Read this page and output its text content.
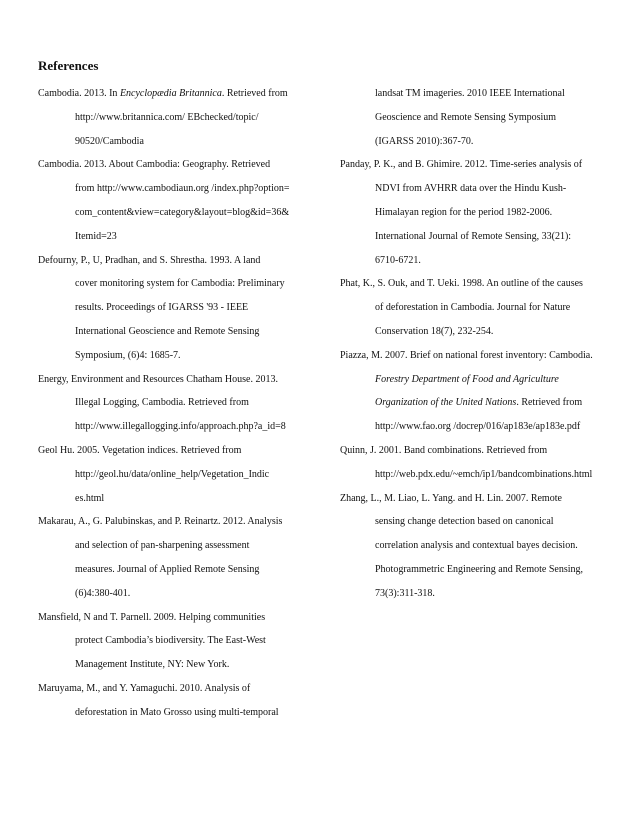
References
Cambodia. 2013. In Encyclopædia Britannica. Retrieved from
http://www.britannica.com/ EBchecked/topic/
90520/Cambodia
Cambodia. 2013. About Cambodia: Geography. Retrieved
from http://www.cambodiaun.org /index.php?option=
com_content&view=category&layout=blog&id=36&
Itemid=23
Defourny, P., U, Pradhan, and S. Shrestha. 1993. A land
cover monitoring system for Cambodia: Preliminary
results. Proceedings of IGARSS '93 - IEEE
International Geoscience and Remote Sensing
Symposium, (6)4: 1685-7.
Energy, Environment and Resources Chatham House. 2013.
Illegal Logging, Cambodia. Retrieved from
http://www.illegallogging.info/approach.php?a_id=8
Geol Hu. 2005. Vegetation indices. Retrieved from
http://geol.hu/data/online_help/Vegetation_Indic
es.html
Makarau, A., G. Palubinskas, and P. Reinartz. 2012. Analysis
and selection of pan-sharpening assessment
measures. Journal of Applied Remote Sensing
(6)4:380-401.
Mansfield, N and T. Parnell. 2009. Helping communities
protect Cambodia’s biodiversity. The East-West
Management Institute, NY: New York.
Maruyama, M., and Y. Yamaguchi. 2010. Analysis of
deforestation in Mato Grosso using multi-temporal
landsat TM imageries. 2010 IEEE International
Geoscience and Remote Sensing Symposium
(IGARSS 2010):367-70.
Panday, P. K., and B. Ghimire. 2012. Time-series analysis of
NDVI from AVHRR data over the Hindu Kush-
Himalayan region for the period 1982-2006.
International Journal of Remote Sensing, 33(21):
6710-6721.
Phat, K., S. Ouk, and T. Ueki. 1998. An outline of the causes
of deforestation in Cambodia. Journal for Nature
Conservation 18(7), 232-254.
Piazza, M. 2007. Brief on national forest inventory: Cambodia.
Forestry Department of Food and Agriculture
Organization of the United Nations. Retrieved from
http://www.fao.org /docrep/016/ap183e/ap183e.pdf
Quinn, J. 2001. Band combinations. Retrieved from
http://web.pdx.edu/~emch/ip1/bandcombinations.html
Zhang, L., M. Liao, L. Yang. and H. Lin. 2007. Remote
sensing change detection based on canonical
correlation analysis and contextual bayes decision.
Photogrammetric Engineering and Remote Sensing,
73(3):311-318.
